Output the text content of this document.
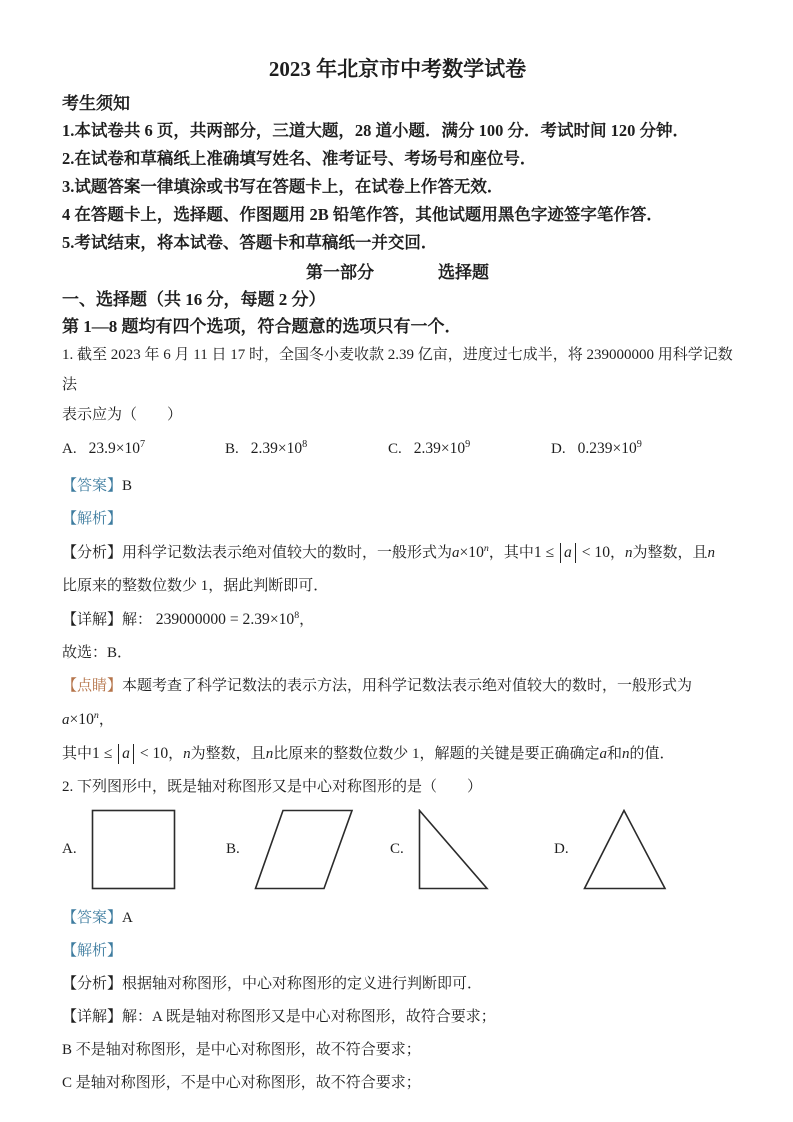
2023 年北京市中考数学试卷
考生须知
1.本试卷共 6 页，共两部分，三道大题，28 道小题．满分 100 分．考试时间 120 分钟．
2.在试卷和草稿纸上准确填写姓名、准考证号、考场号和座位号．
3.试题答案一律填涂或书写在答题卡上，在试卷上作答无效．
4 在答题卡上，选择题、作图题用 2B 铅笔作答，其他试题用黑色字迹签字笔作答．
5.考试结束，将本试卷、答题卡和草稿纸一并交回．
第一部分	选择题
一、选择题（共 16 分，每题 2 分）
第 1—8 题均有四个选项，符合题意的选项只有一个．

1. 截至 2023 年 6 月 11 日 17 时，全国冬小麦收款 2.39 亿亩，进度过七成半，将 239000000 用科学记数法

表示应为（　　）

A. $23.9\times 10^7$	B. $2.39\times 10^8$	C. $2.39\times 10^9$	D. $0.239\times 10^9$

【答案】B

【解析】

【分析】用科学记数法表示绝对值较大的数时，一般形式为$a\times 10^n$，其中1 ≤ a < 10，n为整数，且n

比原来的整数位数少 1，据此判断即可．

【详解】解： $239000000 = 2.39\times 10^8$，

故选：B．

【点睛】本题考查了科学记数法的表示方法，用科学记数法表示绝对值较大的数时，一般形式为$a\times 10^n$，

其中1 ≤ a < 10，n为整数，且n比原来的整数位数少 1，解题的关键是要正确确定a和n的值．

2. 下列图形中，既是轴对称图形又是中心对称图形的是（　　）

A.	B.	C.	D.

【答案】A

【解析】

【分析】根据轴对称图形，中心对称图形的定义进行判断即可．

【详解】解：A 既是轴对称图形又是中心对称图形，故符合要求；

B 不是轴对称图形，是中心对称图形，故不符合要求；

C 是轴对称图形，不是中心对称图形，故不符合要求；
